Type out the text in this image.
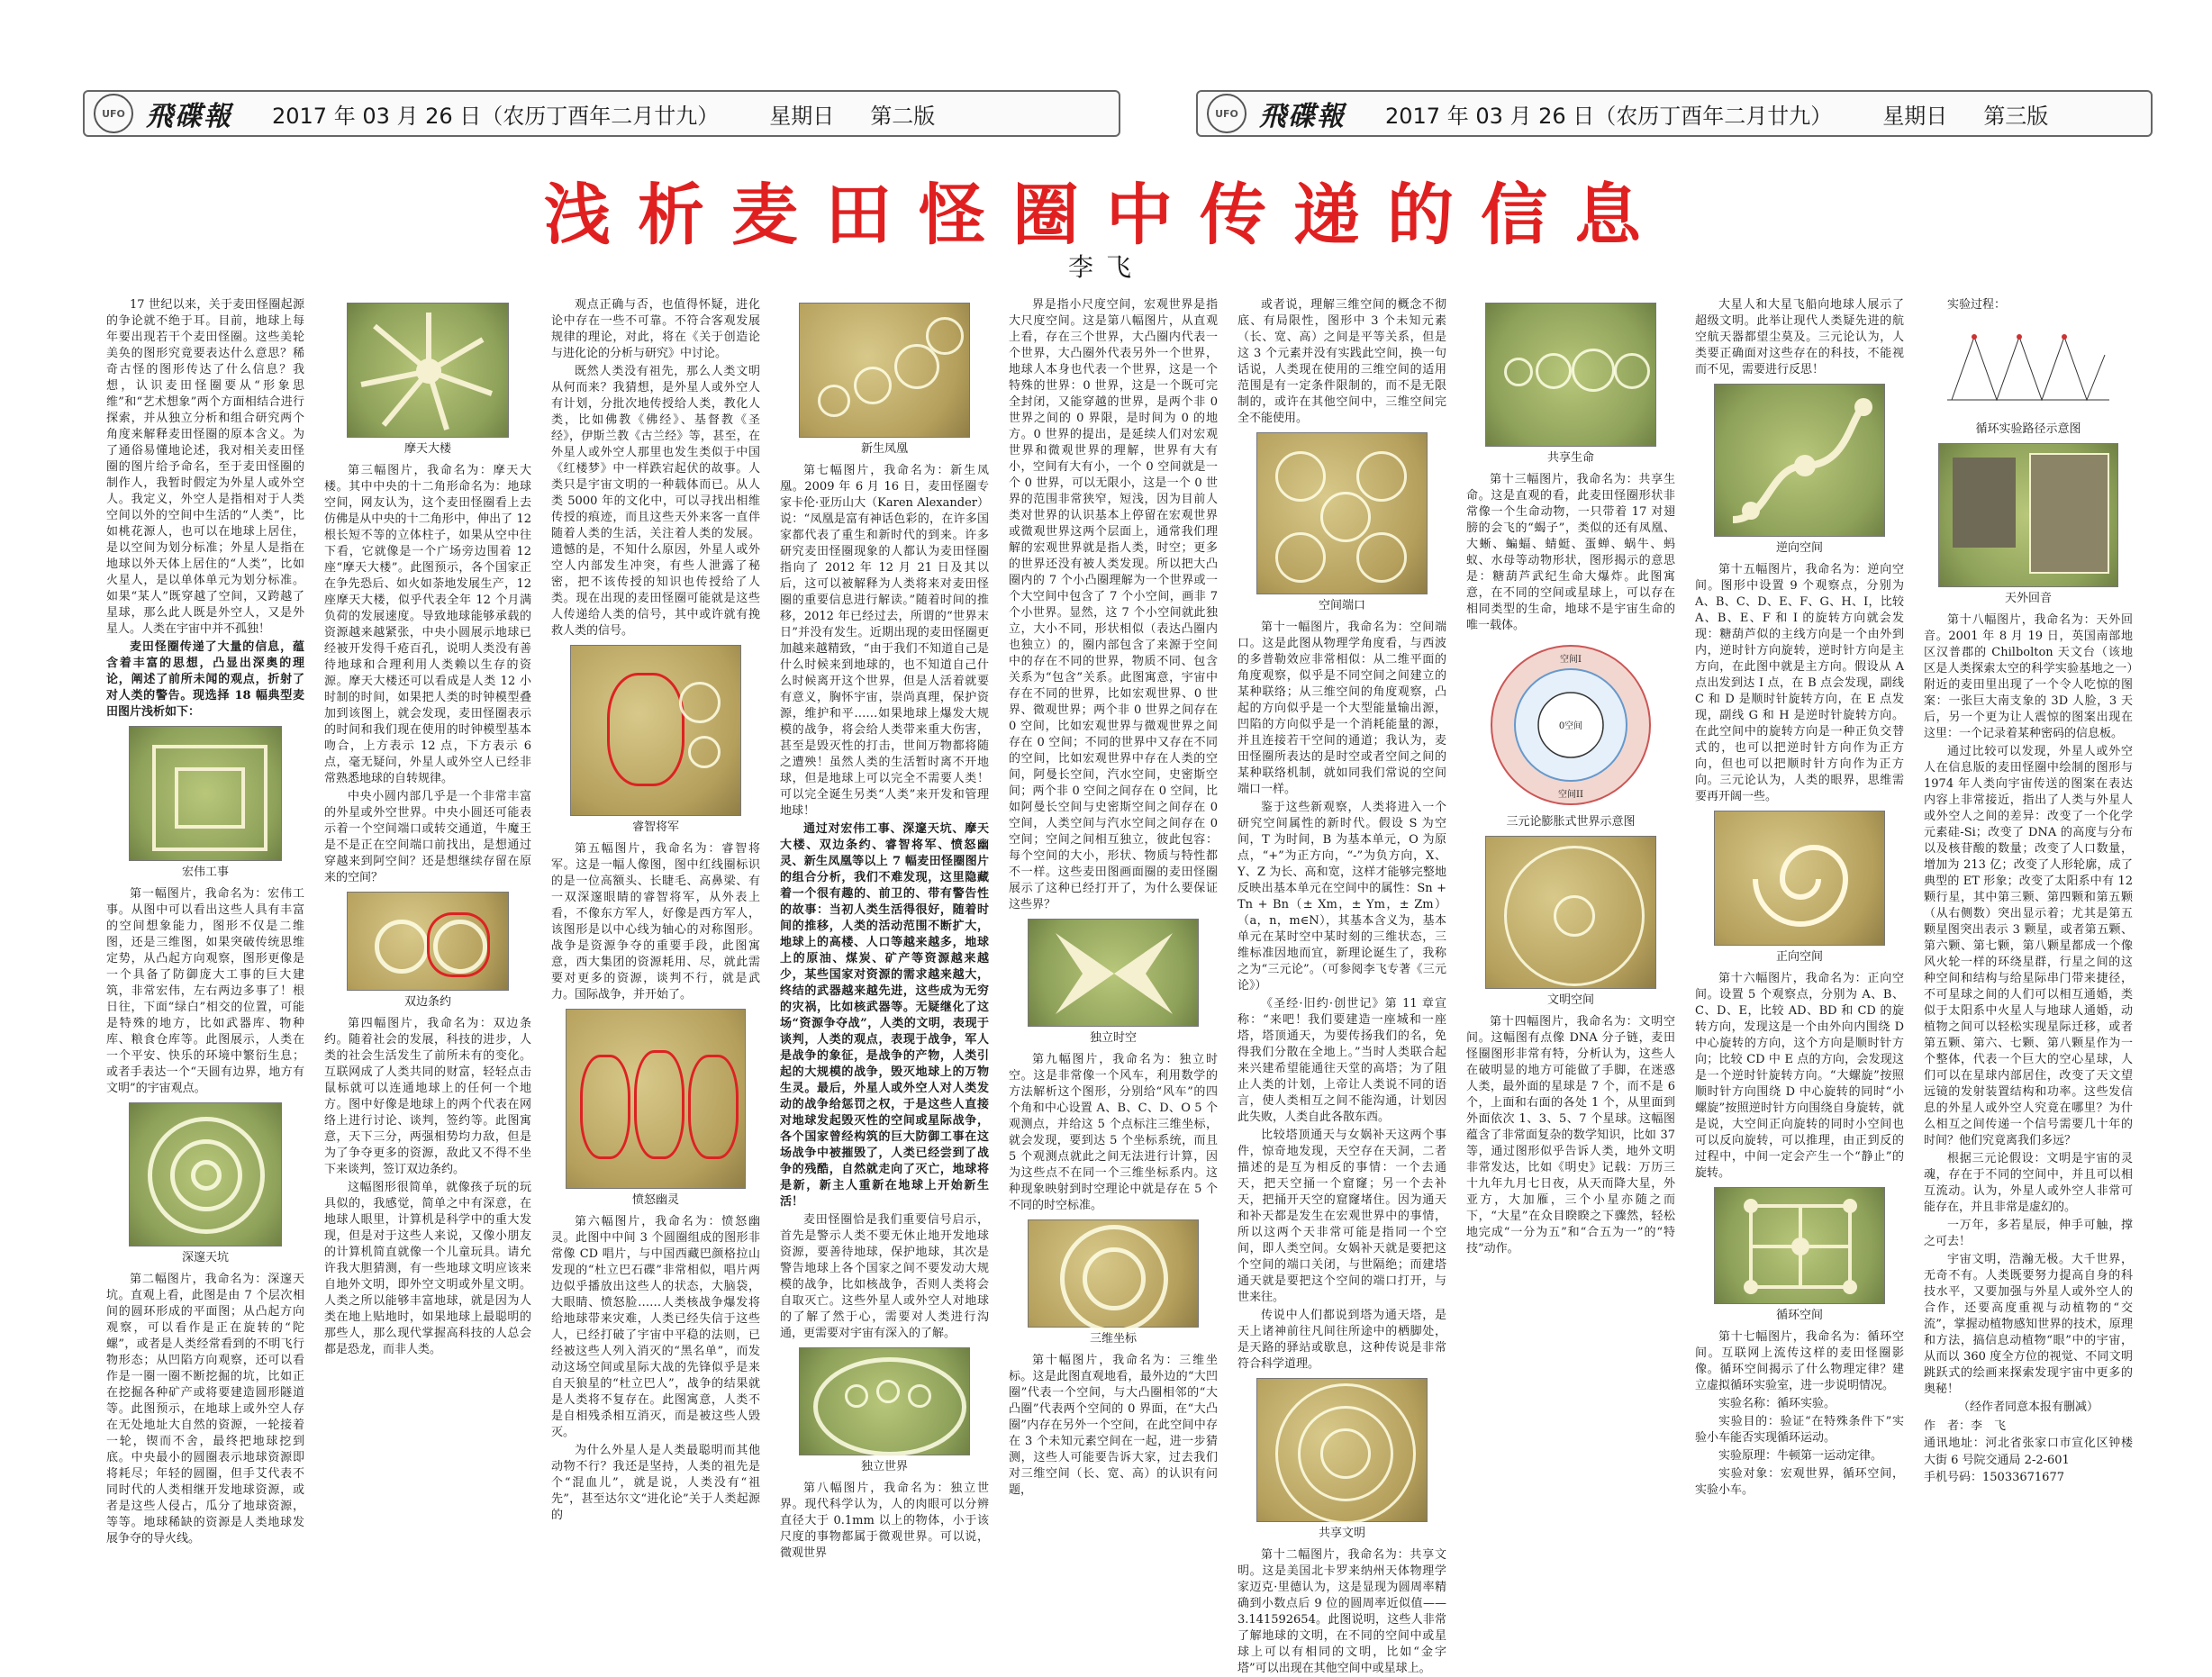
UFO 飛碟報 2017 年 03 月 26 日（农历丁酉年二月廿九） 星期日 第二版	UFO 飛碟報 2017 年 03 月 26 日（农历丁酉年二月廿九） 星期日 第三版
浅析麦田怪圈中传递的信息
李飞

17 世纪以来，关于麦田怪圈起源的争论就不绝于耳。目前，地球上每年要出现若干个麦田怪圈。这些美轮美奂的图形究竟要表达什么意思？稀奇古怪的图形传达了什么信息？我想，认识麦田怪圈要从“形象思维”和“艺术想象”两个方面相结合进行探索，并从独立分析和组合研究两个角度来解释麦田怪圈的原本含义。为了通俗易懂地论述，我对相关麦田怪圈的图片给予命名，至于麦田怪圈的制作人，我暂时假定为外星人或外空人。我定义，外空人是指相对于人类空间以外的空间中生活的“人类”，比如桃花源人，也可以在地球上居住，是以空间为划分标准；外星人是指在地球以外天体上居住的“人类”，比如火星人，是以单体单元为划分标准。如果“某人”既穿越了空间，又跨越了星球，那么此人既是外空人，又是外星人。人类在宇宙中并不孤独！

麦田怪圈传递了大量的信息，蕴含着丰富的思想，凸显出深奥的理论，阐述了前所未闻的观点，折射了对人类的警告。现选择 18 幅典型麦田图片浅析如下：

宏伟工事

第一幅图片，我命名为：宏伟工事。从图中可以看出这些人具有丰富的空间想象能力，图形不仅是二维图，还是三维图，如果突破传统思维定势，从凸起方向观察，图形更像是一个具备了防御庞大工事的巨大建筑，非常宏伟，左右两边多事了！根日往，下面“绿白”相交的位置，可能是特殊的地方，比如武器库、物种库、粮食仓库等。此图展示，人类在一个平安、快乐的环境中繁衍生息；或者手表达一个“天圆有边界，地方有文明”的宇宙观点。

深邃天坑

第二幅图片，我命名为：深邃天坑。直观上看，此图是由 7 个层次相间的圆环形成的平面图；从凸起方向观察，可以看作是正在旋转的“陀螺”，或者是人类经常看到的不明飞行物形态；从凹陷方向观察，还可以看作是一圈一圈不断挖掘的坑，比如正在挖掘各种矿产或将要建造圆形隧道等。此图预示，在地球上或外空人存在无处地址大自然的资源，一轮接着一轮，锲而不舍，最终把地球挖到底。中央最小的圆圈表示地球资源即将耗尽；年轻的圆圈，但手艾代表不同时代的人类相继开发地球资源，或者是这些人侵占，瓜分了地球资源，等等。地球稀缺的资源是人类地球发展争夺的导火线。

摩天大楼

第三幅图片，我命名为：摩天大楼。其中中央的十二角形命名为：地球空间，网友认为，这个麦田怪圈看上去仿佛是从中央的十二角形中，伸出了 12 根长短不等的立体柱子，如果从空中往下看，它就像是一个广场旁边围着 12 座“摩天大楼”。此图预示，各个国家正在争先恐后、如火如荼地发展生产，12 座摩天大楼，似乎代表全年 12 个月满负荷的发展速度。导致地球能够承载的资源越来越紧张，中央小圆展示地球已经被开发得千疮百孔，说明人类没有善待地球和合理利用人类赖以生存的资源。摩天大楼还可以看成是人类 12 小时制的时间，如果把人类的时钟模型叠加到该图上，就会发现，麦田怪圈表示的时间和我们现在使用的时钟模型基本吻合，上方表示 12 点，下方表示 6 点，毫无疑问，外星人或外空人已经非常熟悉地球的自转规律。

中央小圆内部几乎是一个非常丰富的外星或外空世界。中央小圆还可能表示着一个空间端口或转交通道，牛魔王是不是正在空间端口前找出，是想通过穿越来到阿空间？还是想继续存留在原来的空间？

双边条约

第四幅图片，我命名为：双边条约。随着社会的发展，科技的进步，人类的社会生活发生了前所未有的变化。互联网成了人类共同的财富，轻轻点击鼠标就可以连通地球上的任何一个地方。图中好像是地球上的两个代表在网络上进行讨论、谈判，签约等。此图寓意，天下三分，两强相势均力敌，但是为了争夺更多的资源，敌此又不得不坐下来谈判，签订双边条约。

这幅图形很简单，就像孩子玩的玩具似的，我感觉，简单之中有深意，在地球人眼里，计算机是科学中的重大发现，但是对于这些人来说，又像小朋友的计算机简直就像一个儿童玩具。请允许我大胆猜测，有一些地球文明应该来自地外文明，即外空文明或外星文明。人类之所以能够丰富地球，就是因为人类在地上贴地时，如果地球上最聪明的那些人，那么现代掌握高科技的人总会都是恐龙，而非人类。

观点正确与否，也值得怀疑，进化论中存在一些不可靠。不符合客观发展规律的理论，对此，将在《关于创造论与进化论的分析与研究》中讨论。

既然人类没有祖先，那么人类文明从何而来？我猜想，是外星人或外空人有计划，分批次地传授给人类，教化人类，比如佛教《佛经》、基督教《圣经》，伊斯兰教《古兰经》等，甚至，在外星人或外空人那里也发生类似于中国《红楼梦》中一样跌宕起伏的故事。人类只是宇宙文明的一种载体而已。从人类 5000 年的文化中，可以寻找出相维传授的痕迹，而且这些天外来客一直伴随着人类的生活，关注着人类的发展。遗憾的是，不知什么原因，外星人或外空人内部发生冲突，有些人泄露了秘密，把不该传授的知识也传授给了人类。现在出现的麦田怪圈可能就是这些人传递给人类的信号，其中或许就有挽救人类的信号。

睿智将军

第五幅图片，我命名为：睿智将军。这是一幅人像图，图中红线圈标识的是一位高额头、长睫毛、高鼻梁、有一双深邃眼睛的睿智将军，从外表上看，不像东方军人，好像是西方军人，该图形是以中心线为轴心的对称图形。战争是资源争夺的重要手段，此图寓意，西大集团的资源耗用、尽，就此需要对更多的资源，谈判不行，就是武力。国际战争，并开始了。

愤怒幽灵

第六幅图片，我命名为：愤怒幽灵。此图中中间 3 个圆圈组成的图形非常像 CD 唱片，与中国西藏巴颜格拉山发现的“杜立巴石碟”非常相似，唱片两边似乎播放出这些人的状态，大脑袋，大眼睛、愤怒脸……人类核战争爆发将给地球带来灾难，人类已经失信于这些人，已经打破了宇宙中平稳的法则，已经被这些人列入消灭的“黑名单”，而发动这场空间或星际大战的先锋似乎是来自天狼星的“杜立巴人”，战争的结果就是人类将不复存在。此图寓意，人类不是自相残杀相互消灭，而是被这些人毁灭。

为什么外星人是人类最聪明而其他动物不行？我还是坚持，人类的祖先是个“混血儿”，就是说，人类没有“祖先”，甚至达尔文“进化论”关于人类起源的

新生凤凰

第七幅图片，我命名为：新生凤凰。2009 年 6 月 16 日，麦田怪圈专家卡伦·亚历山大（Karen Alexander）说：“凤凰是富有神话色彩的，在许多国家都代表了重生和新时代的到来。许多研究麦田怪圈现象的人都认为麦田怪圈指向了 2012 年 12 月 21 日及其以后，这可以被解释为人类将来对麦田怪圈的重要信息进行解读。”随着时间的推移，2012 年已经过去，所谓的“世界末日”并没有发生。近期出现的麦田怪圈更加越来越精致，“由于我们不知道自己是什么时候来到地球的，也不知道自己什么时候离开这个世界，但是人活着就要有意义，胸怀宇宙，崇尚真理，保护资源，维护和平……如果地球上爆发大规模的战争，将会给人类带来重大伤害，甚至是毁灭性的打击，世间万物都将随之遭殃！虽然人类的生活暂时离不开地球，但是地球上可以完全不需要人类！可以完全诞生另类“人类”来开发和管理地球！

通过对宏伟工事、深邃天坑、摩天大楼、双边条约、睿智将军、愤怒幽灵、新生凤凰等以上 7 幅麦田怪圈图片的组合分析，我们不难发现，这里隐藏着一个很有趣的、前卫的、带有警告性的故事：当初人类生活得很好，随着时间的推移，人类的活动范围不断扩大，地球上的高楼、人口等越来越多，地球上的原油、煤炭、矿产等资源越来越少，某些国家对资源的需求越来越大，终结的武器越来越先进，这些成为无穷的灾祸，比如核武器等。无疑继化了这场“资源争夺战”，人类的文明，表现于谈判，人类的观点，表现于战争，军人是战争的象征，是战争的产物，人类引起的大规模的战争，毁灭地球上的万物生灵。最后，外星人或外空人对人类发动的战争给惩罚之权，于是这些人直接对地球发起毁灭性的空间或星际战争，各个国家曾经构筑的巨大防御工事在这场战争中被摧毁了，人类已经尝到了战争的残酷，自然就走向了灭亡，地球将是新，新主人重新在地球上开始新生活！

麦田怪圈恰是我们重要信号启示，首先是警示人类不要无休止地开发地球资源，要善待地球，保护地球，其次是警告地球上各个国家之间不要发动大规模的战争，比如核战争，否则人类将会自取灭亡。这些外星人或外空人对地球的了解了然于心，需要对人类进行沟通，更需要对宇宙有深入的了解。

独立世界

第八幅图片，我命名为：独立世界。现代科学认为，人的肉眼可以分辨直径大于 0.1mm 以上的物体，小于该尺度的事物都属于微观世界。可以说，微观世界

界是指小尺度空间，宏观世界是指大尺度空间。这是第八幅图片，从直观上看，存在三个世界，大凸圈内代表一个世界，大凸圈外代表另外一个世界，地球人本身也代表一个世界，这是一个特殊的世界：0 世界，这是一个既可完全封闭，又能穿越的世界，是两个非 0 世界之间的 0 界限，是时间为 0 的地方。0 世界的提出，是延续人们对宏观世界和微观世界的理解，世界有大有小，空间有大有小，一个 0 空间就是一个 0 世界，可以无限小，这是一个 0 世界的范围非常狭窄，短浅，因为目前人类对世界的认识基本上停留在宏观世界或微观世界这两个层面上，通常我们理解的宏观世界就是指人类，时空；更多的世界还没有被人类发现。所以把大凸圈内的 7 个小凸圈理解为一个世界或一个大空间中包含了 7 个小空间，画非 7 个小世界。显然，这 7 个小空间就此独立，大小不同，形状相似（表达凸圈内也独立）的，圈内部包含了来源于空间中的存在不同的世界，物质不同、包含关系为“包含”关系。此图寓意，宇宙中存在不同的世界，比如宏观世界、0 世界、微观世界；两个非 0 世界之间存在 0 空间，比如宏观世界与微观世界之间存在 0 空间；不同的世界中又存在不同的空间，比如宏观世界中存在人类的空间，阿曼长空间，汽水空间，史密斯空间；两个非 0 空间之间存在 0 空间，比如阿曼长空间与史密斯空间之间存在 0 空间，人类空间与汽水空间之间存在 0 空间；空间之间相互独立，彼此包容：每个空间的大小，形状、物质与特性都不一样。这些麦田图画面圈的麦田怪圈展示了这种已经打开了，为什么要保证这些界？

独立时空

第九幅图片，我命名为：独立时空。这是非常像一个风车，利用数学的方法解析这个图形，分别给“风车”的四个角和中心设置 A、B、C、D、O 5 个观测点，并给这 5 个点标注三维坐标，就会发现，要到达 5 个坐标系统，而且 5 个观测点就此之间无法进行计算，因为这些点不在同一个三维坐标系内。这种现象映射到时空理论中就是存在 5 个不同的时空标准。

三维坐标

第十幅图片，我命名为：三维坐标。这是此图直观地看，最外边的“大凹圈”代表一个空间，与大凸圈相邻的“大凸圈”代表两个空间的 0 界面，在“大凸圈”内存在另外一个空间，在此空间中存在 3 个未知元素空间在一起，进一步猜测，这些人可能要告诉大家，过去我们对三维空间（长、宽、高）的认识有问题，

或者说，理解三维空间的概念不彻底、有局限性，图形中 3 个未知元素（长、宽、高）之间是平等关系，但是这 3 个元素并没有实践此空间，换一句话说，人类现在使用的三维空间的适用范围是有一定条件限制的，而不是无限制的，或许在其他空间中，三维空间完全不能使用。

空间端口

第十一幅图片，我命名为：空间端口。这是此图从物理学角度看，与西波的多普勒效应非常相似：从二维平面的角度观察，似乎是不同空间之间建立的某种联络；从三维空间的角度观察，凸起的方向似乎是一个大型能量输出源，凹陷的方向似乎是一个消耗能量的源，并且连接若干空间的通道；我认为，麦田怪圈所表达的是时空或者空间之间的某种联络机制，就如同我们常说的空间端口一样。

鉴于这些新观察，人类将进入一个研究空间属性的新时代。假设 S 为空间，T 为时间，B 为基本单元，O 为原点，“+”为正方向，“-”为负方向，X、Y、Z 为长、高和宽，这样才能够完整地反映出基本单元在空间中的属性：Sn + Tn + Bn（± Xm，± Ym，± Zm）（a，n，m∈N），其基本含义为，基本单元在某时空中某时刻的三维状态，三维标准因地而宜，新理论诞生了，我称之为“三元论”。（可参阅李飞专著《三元论》）

《圣经·旧约·创世记》第 11 章宣称：“来吧！我们要建造一座城和一座塔，塔顶通天，为要传扬我们的名，免得我们分散在全地上。”当时人类联合起来兴建希望能通往天堂的高塔；为了阻止人类的计划，上帝让人类说不同的语言，使人类相互之间不能沟通，计划因此失败，人类自此各散东西。

比较塔顶通天与女娲补天这两个事件，惊奇地发现，天空存在天洞，二者描述的是互为相反的事情：一个去通天，把天空捅一个窟窿；另一个去补天，把捅开天空的窟窿堵住。因为通天和补天都是发生在宏观世界中的事情，所以这两个天非常可能是指同一个空间，即人类空间。女娲补天就是要把这个空间的端口关闭，与世隔绝；而建塔通天就是要把这个空间的端口打开，与世来往。

传说中人们都说到塔为通天塔，是天上诸神前往凡间往所途中的栖脚处，是天路的驿站或歇息，这种传说是非常符合科学道理。

共享文明

第十二幅图片，我命名为：共享文明。这是美国北卡罗来纳州天体物理学家迈克·里德认为，这是显现为圆周率精确到小数点后 9 位的圆周率近似值——3.141592654。此图说明，这些人非常了解地球的文明，在不同的空间中或星球上可以有相同的文明，比如“金字塔”可以出现在其他空间中或星球上。

共享生命

第十三幅图片，我命名为：共享生命。这是直观的看，此麦田怪圈形状非常像一个生命动物，一只带着 17 对翅膀的会飞的“蝎子”，类似的还有凤凰、大蜥、蝙蝠、蜻蜓、蛋蝉、蜗牛、蚂蚁、水母等动物形状，图形揭示的意思是：糖葫芦武纪生命大爆炸。此图寓意，在不同的空间或星球上，可以存在相同类型的生命，地球不是宇宙生命的唯一载体。

空间I
0空间
空间II
三元论膨胀式世界示意图
文明空间

第十四幅图片，我命名为：文明空间。这幅图有点像 DNA 分子链，麦田怪圈图形非常有特，分析认为，这些人在破明显的地方可能做了手脚，在迷惑人类，最外面的星球是 7 个，而不是 6 个，上面和右面的各处 1 个，从里面到外面依次 1、3、5、7 个星球。这幅图蕴含了非常面复杂的数学知识，比如 37 等，通过图形似乎告诉人类，地外文明非常发达，比如《明史》记载：万历三十九年九月七日夜，从天而降大星，外亚方，大加雁，三个小星亦随之而下，“大星”在众目睽睽之下骤然，轻松地完成“一分为五”和“合五为一”的“特技”动作。

大星人和大星飞船向地球人展示了超级文明。此举让现代人类疑先进的航空航天器都望尘莫及。三元论认为，人类要正确面对这些存在的科技，不能视而不见，需要进行反思！

逆向空间

第十五幅图片，我命名为：逆向空间。图形中设置 9 个观察点，分别为 A、B、C、D、E、F、G、H、I，比较 A、B、E、F 和 I 的旋转方向就会发现：糖葫芦似的主线方向是一个由外到内，逆时针方向旋转，逆时针方向是主方向，在此图中就是主方向。假设从 A 点出发到达 I 点，在 B 点会发现，副线 C 和 D 是顺时针旋转方向，在 E 点发现，副线 G 和 H 是逆时针旋转方向。在此空间中的旋转方向是一种正负交替式的，也可以把逆时针方向作为正方向，但也可以把顺时针方向作为正方向。三元论认为，人类的眼界，思维需要再开阔一些。

正向空间

第十六幅图片，我命名为：正向空间。设置 5 个观察点，分别为 A、B、C、D、E，比较 AD、BD 和 CD 的旋转方向，发现这是一个由外向内围绕 D 中心旋转的方向，这个方向是顺时针方向；比较 CD 中 E 点的方向，会发现这是一个逆时针旋转方向。“大螺旋”按照顺时针方向围绕 D 中心旋转的同时“小螺旋”按照逆时针方向围绕自身旋转，就是说，大空间正向旋转的同时小空间也可以反向旋转，可以推理，由正到反的过程中，中间一定会产生一个“静止”的旋转。

循环空间

第十七幅图片，我命名为：循环空间。互联网上流传这样的麦田怪圈影像。循环空间揭示了什么物理定律？建立虚拟循环实验室，进一步说明情况。

实验名称：循环实验。

实验目的：验证“在特殊条件下”实验小车能否实现循环运动。

实验原理：牛顿第一运动定律。

实验对象：宏观世界，循环空间，实验小车。

实验过程：

循环实验路径示意图
天外回音

第十八幅图片，我命名为：天外回音。2001 年 8 月 19 日，英国南部地区汉普郡的 Chilbolton 天文台（该地区是人类探索太空的科学实验基地之一）附近的麦田里出现了一个令人吃惊的图案：一张巨大南支象的 3D 人脸，3 天后，另一个更为让人震惊的图案出现在这里：一个记录着某种密码的信息板。

通过比较可以发现，外星人或外空人在信息版的麦田怪圈中绘制的图形与 1974 年人类向宇宙传送的图案在表达内容上非常接近，指出了人类与外星人或外空人之间的差异：改变了一个化学元素硅-Si；改变了 DNA 的高度与分布以及核苷酸的数量；改变了人口数量，增加为 213 亿；改变了人形轮廓，成了典型的 ET 形象；改变了太阳系中有 12 颗行星，其中第三颗、第四颗和第五颗（从右侧数）突出显示着；尤其是第五颗星图突出表示 3 颗星，或者第五颗、第六颗、第七颗，第八颗星都成一个像风火轮一样的环绕星群，行星之间的这种空间和结构与给星际串门带来捷径，不可星球之间的人们可以相互通婚，类似于太阳系中火星人与地球人通婚，动植物之间可以轻松实现星际迁移，或者第五颗、第六、七颗、第八颗星作为一个整体，代表一个巨大的空心星球，人们可以在星球内部居住，改变了天文望远镜的发射装置结构和功率。这些发信息的外星人或外空人究竟在哪里？为什么相互之间传递一个信号需要几十年的时间？他们究竟离我们多远？

根据三元论假设：文明是宇宙的灵魂，存在于不同的空间中，并且可以相互流动。认为，外星人或外空人非常可能存在，并且非常是虚幻的。

一万年，多若星辰，伸手可触，撑之可去！

宇宙文明，浩瀚无极。大千世界，无奇不有。人类既要努力提高自身的科技水平，又要加强与外星人或外空人的合作，还要高度重视与动植物的“交流”，掌握动植物感知世界的技术，原理和方法，搞信息动植物“眼”中的宇宙，从而以 360 度全方位的视觉、不同文明跳跃式的绘画来探索发现宇宙中更多的奥秘！

（经作者同意本报有删减）

作　者：李　飞
通讯地址：河北省张家口市宣化区钟楼大街 6 号院交通局 2-2-601
手机号码：15033671677
